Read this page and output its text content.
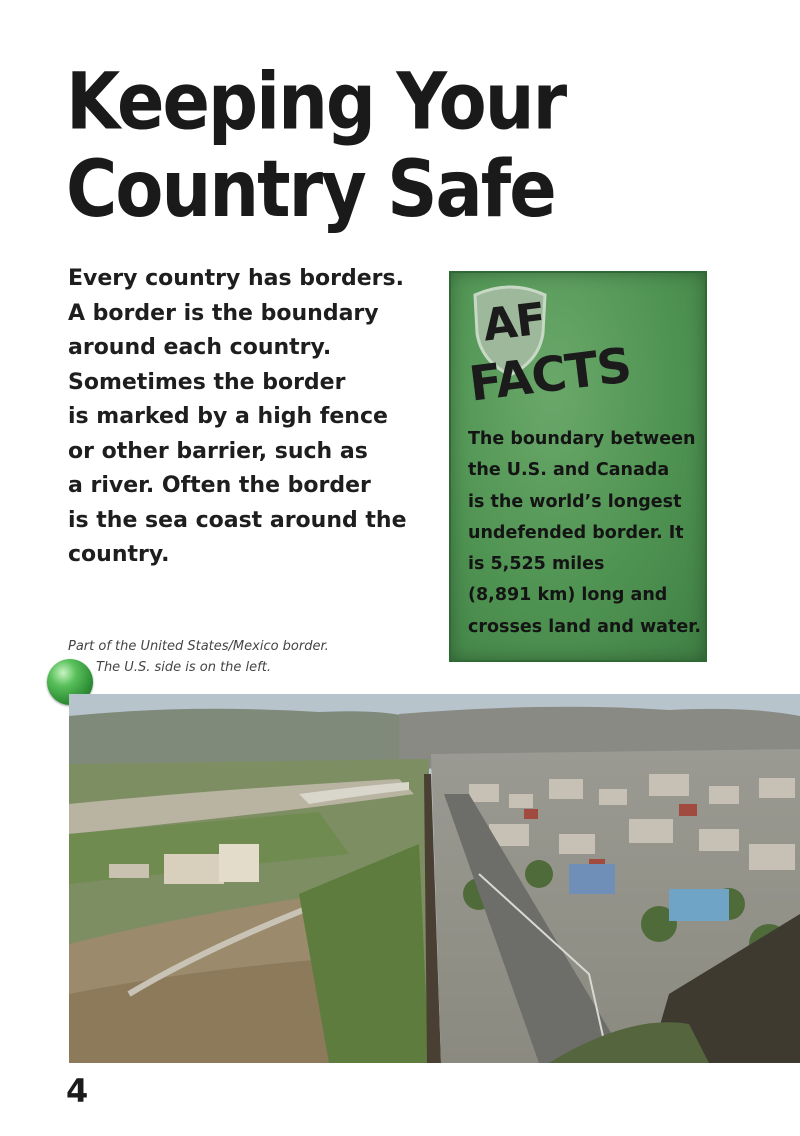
Keeping Your
Country Safe
Every country has borders.
A border is the boundary
around each country.
Sometimes the border
is marked by a high fence
or other barrier, such as
a river. Often the border
is the sea coast around the
country.
AF
FACTS
The boundary between
the U.S. and Canada
is the world’s longest
undefended border. It
is 5,525 miles
(8,891 km) long and
crosses land and water.
Part of the United States/Mexico border.
The U.S. side is on the left.
4
